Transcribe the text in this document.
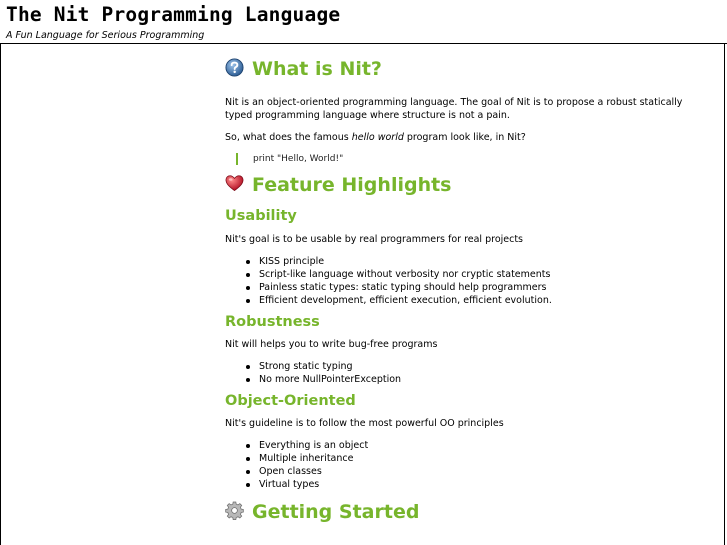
The Nit Programming Language

A Fun Language for Serious Programming

What is Nit?

Nit is an object-oriented programming language. The goal of Nit is to propose a robust statically

typed programming language where structure is not a pain.

So, what does the famous hello world program look like, in Nit?

print "Hello, World!"
Feature Highlights
Usability

Nit's goal is to be usable by real programmers for real projects

KISS principle
Script-like language without verbosity nor cryptic statements
Painless static types: static typing should help programmers
Efficient development, efficient execution, efficient evolution.
Robustness

Nit will helps you to write bug-free programs

Strong static typing
No more NullPointerException
Object-Oriented

Nit's guideline is to follow the most powerful OO principles

Everything is an object
Multiple inheritance
Open classes
Virtual types
Getting Started
